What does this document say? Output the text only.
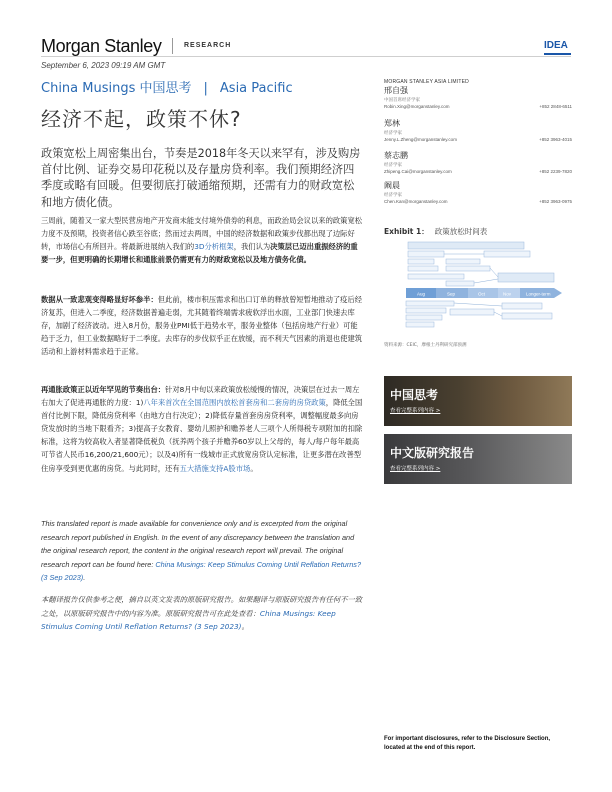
Morgan Stanley	RESEARCH	IDEA
September 6, 2023 09:19 AM GMT
China Musings 中国思考 | Asia Pacific
经济不起，政策不休?
政策宽松上周密集出台，节奏是2018年冬天以来罕有，涉及购房首付比例、证券交易印花税以及存量房贷利率。我们预期经济四季度或略有回暖。但要彻底打破通缩预期，还需有力的财政宽松和地方债化债。
三周前，随着又一家大型民营房地产开发商未能支付境外债券的利息，而政治局会议以来的政策宽松力度不及预期，投资者信心跌至谷底；然而过去两周，中国的经济数据和政策步伐都出现了边际好转，市场信心有所回升。将最新进展纳入我们的3D分析框架，我们认为决策层已迈出重振经济的重要一步，但更明确的长期增长和通胀前景仍需更有力的财政宽松以及地方债务化债。
数据从一致悲观变得略显好坏参半：但此前，楼市积压需求和出口订单的释放曾短暂地推动了疫后经济复苏，但进入二季度，经济数据普遍走弱，尤其随着终端需求疲软浮出水面，工业部门快速去库存，加剧了经济波动。进入8月份，服务业PMI低于趋势水平，服务业整体（包括房地产行业）可能趋于乏力，但工业数据略好于二季度。去库存的步伐似乎正在放缓，而不利天气因素的消退也使建筑活动和上游材料需求趋于正常。
再通胀政策正以近年罕见的节奏出台：针对8月中旬以来政策放松缓慢的情况，决策层在过去一周左右加大了促进再通胀的力度：1)八年来首次在全国范围内放松首套房和二套房的房贷政策，降低全国首付比例下限，降低房贷利率（由地方自行决定）；2)降低存量首套房房贷利率，调整幅度最多向房贷发放时的当地下限看齐；3)提高子女教育、婴幼儿照护和赡养老人三项个人所得税专项附加的扣除标准，这将为较高收入者显著降低税负（抚养两个孩子并赡养60岁以上父母的，每人/每户每年最高可节省人民币16,200/21,600元）；以及4)所有一线城市正式放宽房贷认定标准，让更多潜在改善型住房享受到更优惠的房贷。与此同时，还有五大措施支持A股市场。
This translated report is made available for convenience only and is excerpted from the original research report published in English. In the event of any discrepancy between the translation and the original research report, the content in the original research report will prevail. The original research report can be found here: China Musings: Keep Stimulus Coming Until Reflation Returns? (3 Sep 2023).
本翻译报告仅供参考之便，摘自以英文发表的原版研究报告。如果翻译与原版研究报告有任何不一致之处，以原版研究报告中的内容为准。原版研究报告可在此处查看：China Musings: Keep Stimulus Coming Until Reflation Returns? (3 Sep 2023)。
MORGAN STANLEY ASIA LIMITED
邢自强
中国首席经济学家
Robin.Xing@morganstanley.com	+852 2848-6511
郑林
经济学家
Jenny.L.Zheng@morganstanley.com	+852 3963-4015
蔡志鹏
经济学家
Zhipeng.Cai@morganstanley.com	+852 2239-7820
阚晨
经济学家
Chen.Kan@morganstanley.com	+852 3963-0975
Exhibit 1： 政策放松时间表
Aug	Sep	Oct	Nov	Longer-term
资料来源：CEIC，摩根士丹利研究部预测
中国思考
查看完整系列内容 >
中文版研究报告
查看完整系列内容 >
For important disclosures, refer to the Disclosure Section, located at the end of this report.
